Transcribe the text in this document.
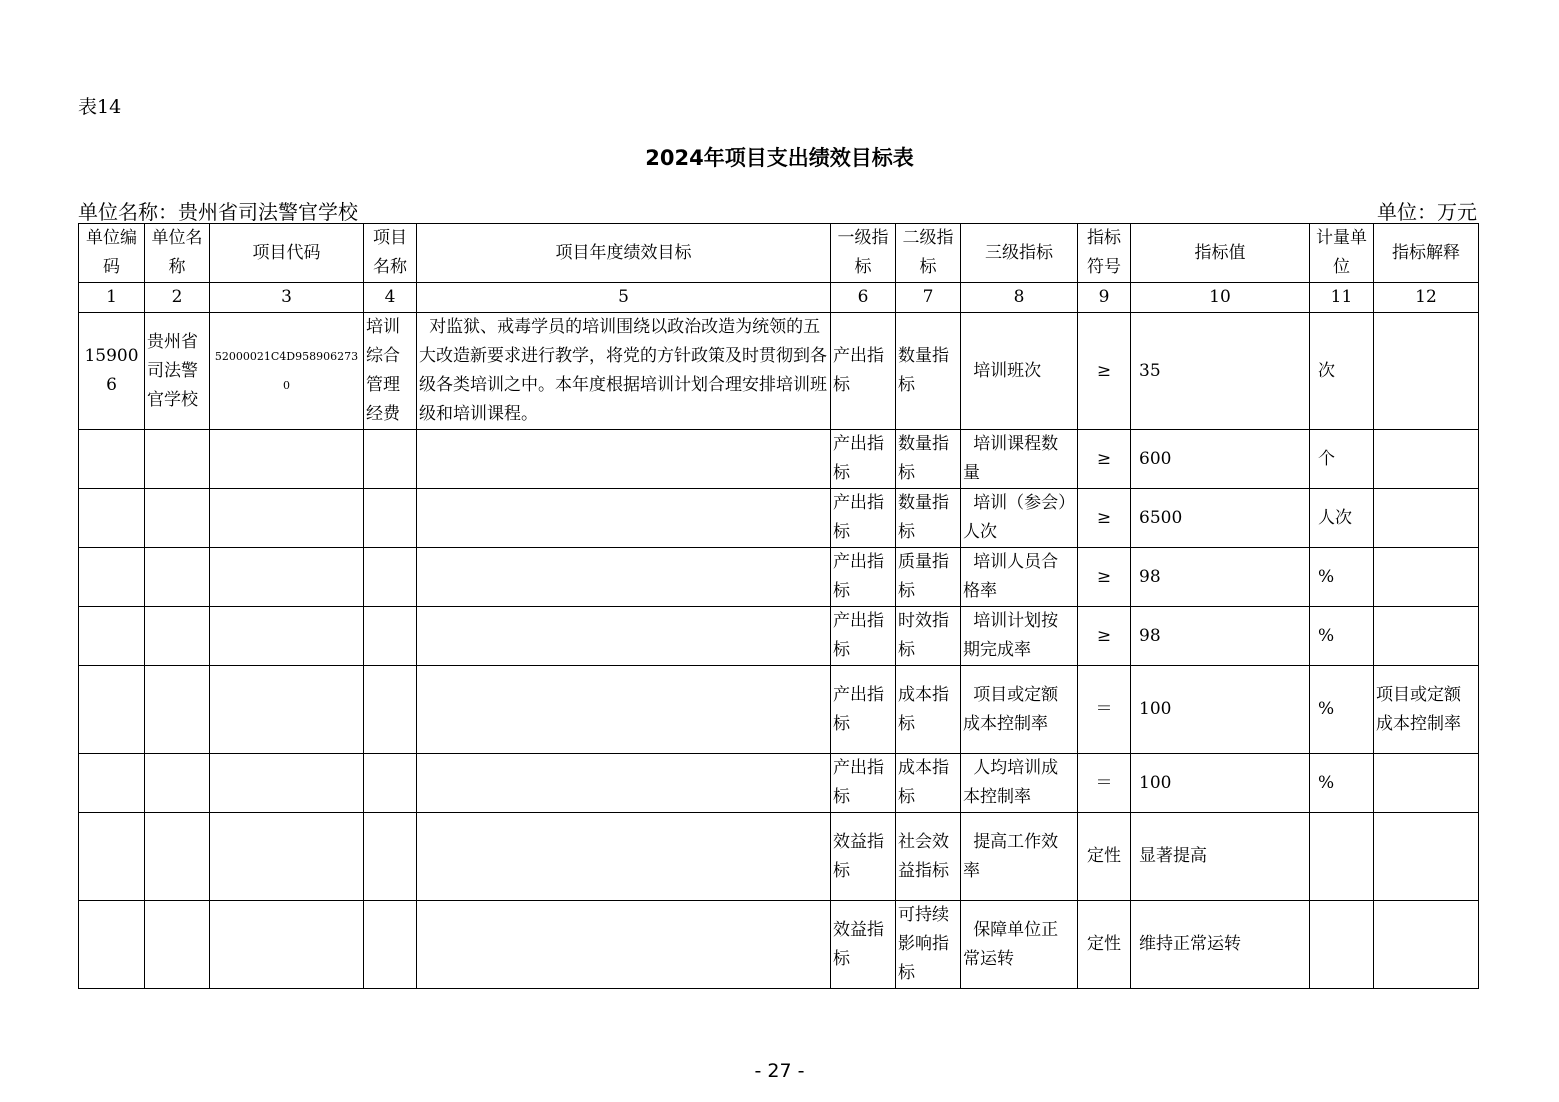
表14
2024年项目支出绩效目标表
单位名称：贵州省司法警官学校	单位：万元
单位编码	单位名称	项目代码	项目名称	项目年度绩效目标	一级指标	二级指标	三级指标	指标符号	指标值	计量单位	指标解释
1	2	3	4	5	6	7	8	9	10	11	12
159006	贵州省司法警官学校	52000021C4D9589062730	培训综合管理经费	对监狱、戒毒学员的培训围绕以政治改造为统领的五大改造新要求进行教学，将党的方针政策及时贯彻到各级各类培训之中。本年度根据培训计划合理安排培训班级和培训课程。	产出指标	数量指标	培训班次	≥	35	次	
					产出指标	数量指标	培训课程数量	≥	600	个	
					产出指标	数量指标	培训（参会）人次	≥	6500	人次	
					产出指标	质量指标	培训人员合格率	≥	98	%	
					产出指标	时效指标	培训计划按期完成率	≥	98	%	
					产出指标	成本指标	项目或定额成本控制率	＝	100	%	项目或定额成本控制率
					产出指标	成本指标	人均培训成本控制率	＝	100	%	
					效益指标	社会效益指标	提高工作效率	定性	显著提高		
					效益指标	可持续影响指标	保障单位正常运转	定性	维持正常运转		
- 27 -
